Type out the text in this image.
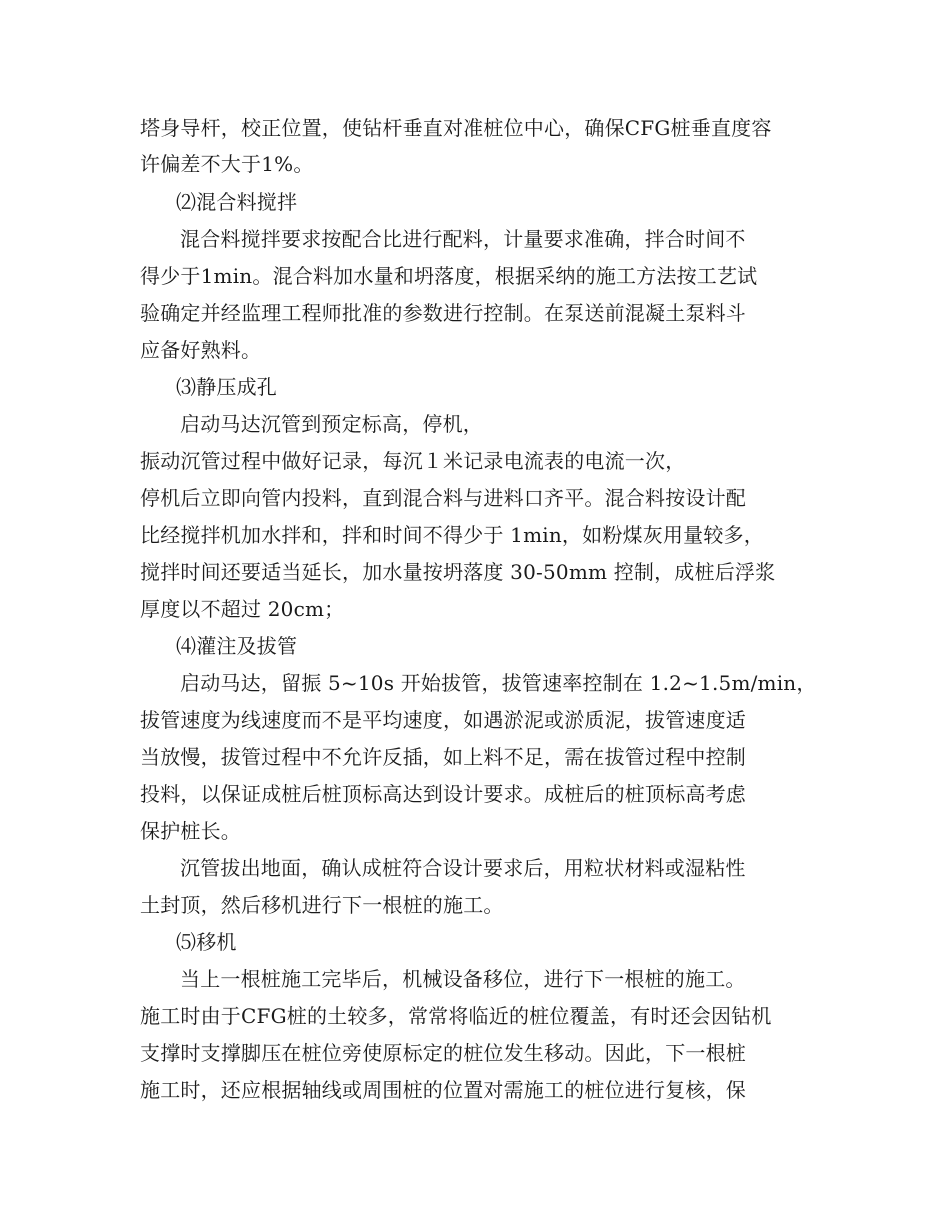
塔身导杆，校正位置，使钻杆垂直对准桩位中心，确保CFG桩垂直度容
许偏差不大于1%。
⑵混合料搅拌
混合料搅拌要求按配合比进行配料，计量要求准确，拌合时间不
得少于1min。混合料加水量和坍落度，根据采纳的施工方法按工艺试
验确定并经监理工程师批准的参数进行控制。在泵送前混凝土泵料斗
应备好熟料。
⑶静压成孔
启动马达沉管到预定标高，停机，
振动沉管过程中做好记录，每沉１米记录电流表的电流一次，
停机后立即向管内投料，直到混合料与进料口齐平。混合料按设计配
比经搅拌机加水拌和，拌和时间不得少于 1min，如粉煤灰用量较多，
搅拌时间还要适当延长，加水量按坍落度 30-50mm 控制，成桩后浮浆
厚度以不超过 20cm；
⑷灌注及拔管
启动马达，留振 5~10s 开始拔管，拔管速率控制在 1.2~1.5m/min，
拔管速度为线速度而不是平均速度，如遇淤泥或淤质泥，拔管速度适
当放慢，拔管过程中不允许反插，如上料不足，需在拔管过程中控制
投料，以保证成桩后桩顶标高达到设计要求。成桩后的桩顶标高考虑
保护桩长。
沉管拔出地面，确认成桩符合设计要求后，用粒状材料或湿粘性
土封顶，然后移机进行下一根桩的施工。
⑸移机
当上一根桩施工完毕后，机械设备移位，进行下一根桩的施工。
施工时由于CFG桩的土较多，常常将临近的桩位覆盖，有时还会因钻机
支撑时支撑脚压在桩位旁使原标定的桩位发生移动。因此，下一根桩
施工时，还应根据轴线或周围桩的位置对需施工的桩位进行复核，保
